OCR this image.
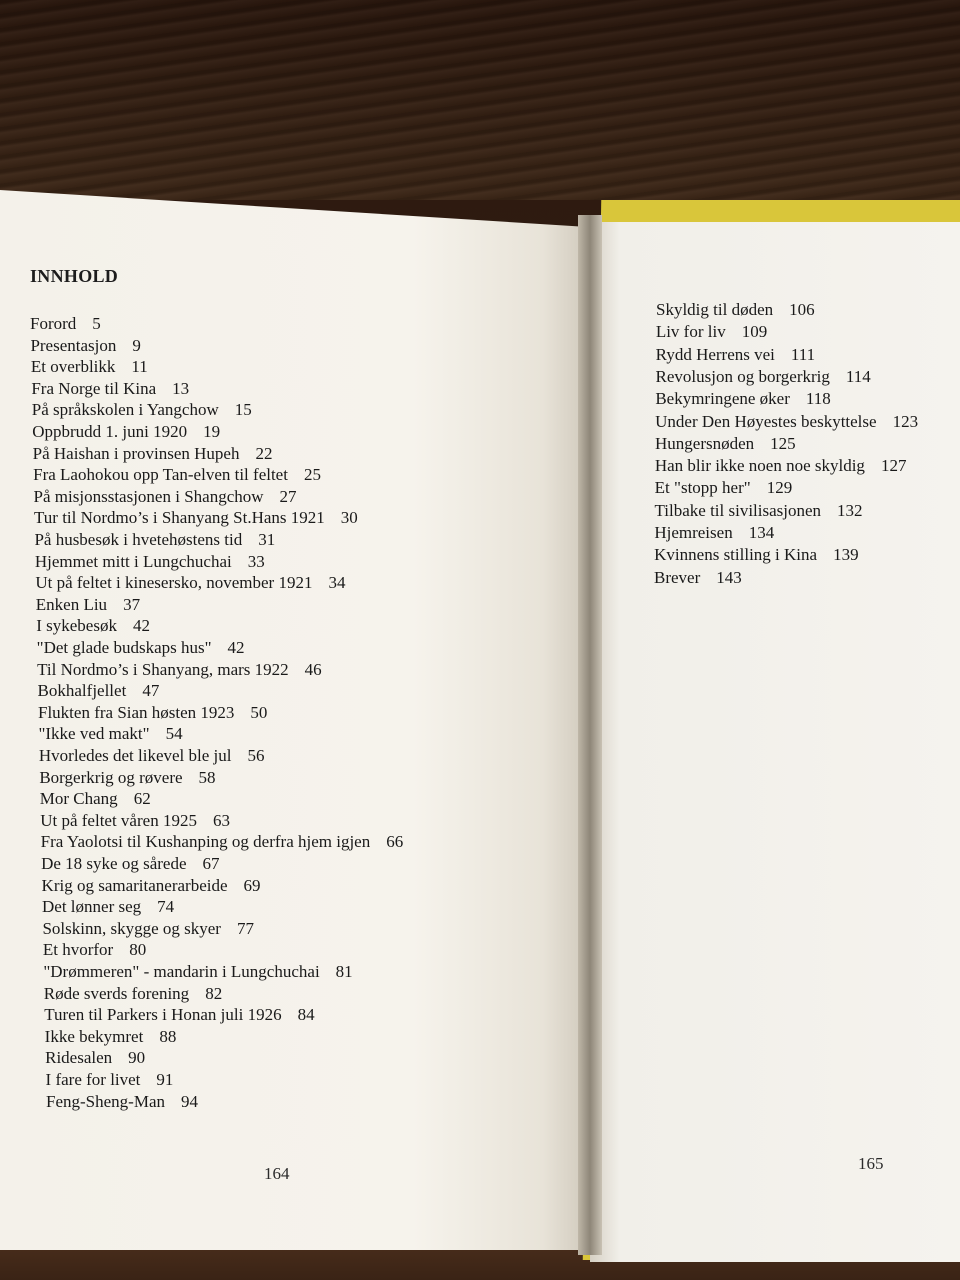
INNHOLD
Forord 5
Presentasjon 9
Et overblikk 11
Fra Norge til Kina 13
På språkskolen i Yangchow 15
Oppbrudd 1. juni 1920 19
På Haishan i provinsen Hupeh 22
Fra Laohokou opp Tan-elven til feltet 25
På misjonsstasjonen i Shangchow 27
Tur til Nordmo’s i Shanyang St.Hans 1921 30
På husbesøk i hvetehøstens tid 31
Hjemmet mitt i Lungchuchai 33
Ut på feltet i kinesersko, november 1921 34
Enken Liu 37
I sykebesøk 42
"Det glade budskaps hus" 42
Til Nordmo’s i Shanyang, mars 1922 46
Bokhalfjellet 47
Flukten fra Sian høsten 1923 50
"Ikke ved makt" 54
Hvorledes det likevel ble jul 56
Borgerkrig og røvere 58
Mor Chang 62
Ut på feltet våren 1925 63
Fra Yaolotsi til Kushanping og derfra hjem igjen 66
De 18 syke og sårede 67
Krig og samaritanerarbeide 69
Det lønner seg 74
Solskinn, skygge og skyer 77
Et hvorfor 80
"Drømmeren" - mandarin i Lungchuchai 81
Røde sverds forening 82
Turen til Parkers i Honan juli 1926 84
Ikke bekymret 88
Ridesalen 90
I fare for livet 91
Feng-Sheng-Man 94
Skyldig til døden 106
Liv for liv 109
Rydd Herrens vei 111
Revolusjon og borgerkrig 114
Bekymringene øker 118
Under Den Høyestes beskyttelse 123
Hungersnøden 125
Han blir ikke noen noe skyldig 127
Et "stopp her" 129
Tilbake til sivilisasjonen 132
Hjemreisen 134
Kvinnens stilling i Kina 139
Brever 143
164
165
